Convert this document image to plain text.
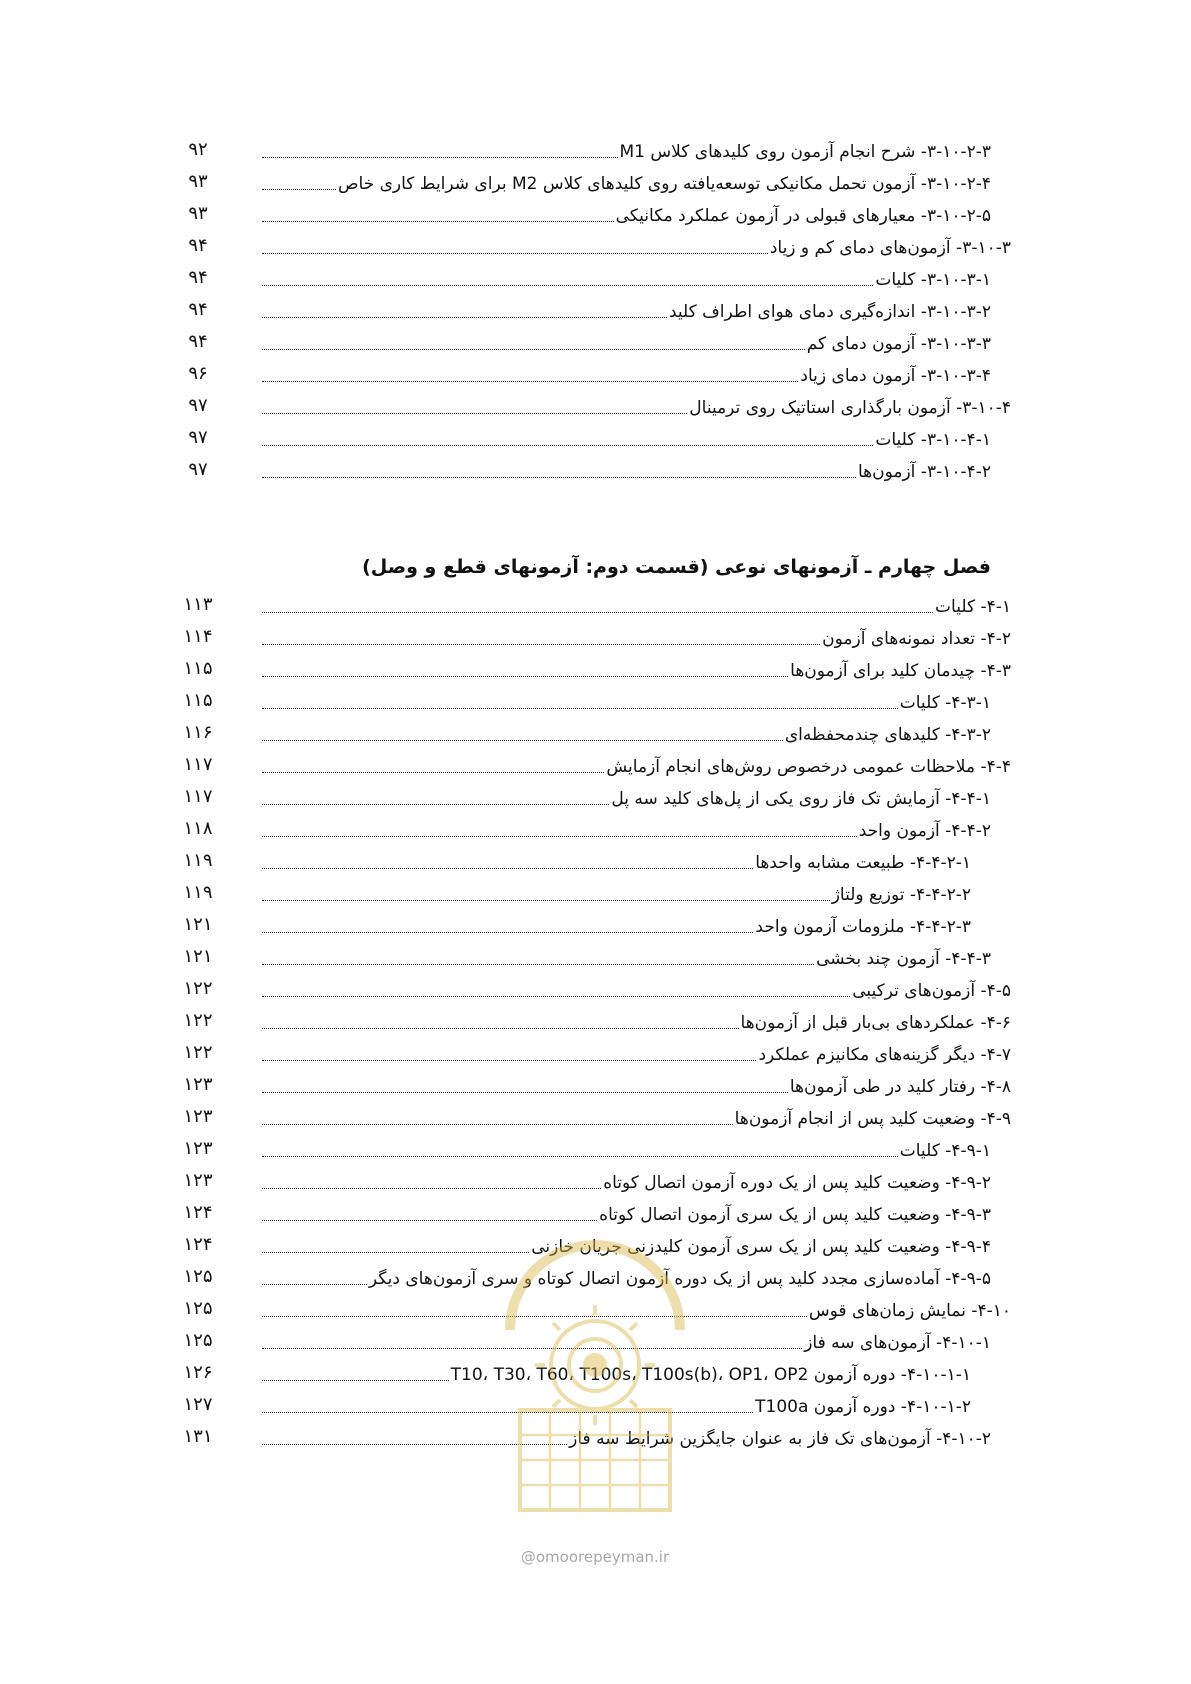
۳-۱۰-۲-۳- شرح انجام آزمون روی کلیدهای کلاس M1
۹۲
۳-۱۰-۲-۴- آزمون تحمل مکانیکی توسعه‌یافته روی کلیدهای کلاس M2 برای شرایط کاری خاص
۹۳
۳-۱۰-۲-۵- معیارهای قبولی در آزمون عملکرد مکانیکی
۹۳
۳-۱۰-۳- آزمون‌های دمای کم و زیاد
۹۴
۳-۱۰-۳-۱- کلیات
۹۴
۳-۱۰-۳-۲- اندازه‌گیری دمای هوای اطراف کلید
۹۴
۳-۱۰-۳-۳- آزمون دمای کم
۹۴
۳-۱۰-۳-۴- آزمون دمای زیاد
۹۶
۳-۱۰-۴- آزمون بارگذاری استاتیک روی ترمینال
۹۷
۳-۱۰-۴-۱- کلیات
۹۷
۳-۱۰-۴-۲- آزمون‌ها
۹۷
فصل چهارم ـ آزمونهای نوعی (قسمت دوم: آزمونهای قطع و وصل)
۴-۱- کلیات
۱۱۳
۴-۲- تعداد نمونه‌های آزمون
۱۱۴
۴-۳- چیدمان کلید برای آزمون‌ها
۱۱۵
۴-۳-۱- کلیات
۱۱۵
۴-۳-۲- کلیدهای چندمحفظه‌ای
۱۱۶
۴-۴- ملاحظات عمومی درخصوص روش‌های انجام آزمایش
۱۱۷
۴-۴-۱- آزمایش تک فاز روی یکی از پل‌های کلید سه پل
۱۱۷
۴-۴-۲- آزمون واحد
۱۱۸
۴-۴-۲-۱- طبیعت مشابه واحدها
۱۱۹
۴-۴-۲-۲- توزیع ولتاژ
۱۱۹
۴-۴-۲-۳- ملزومات آزمون واحد
۱۲۱
۴-۴-۳- آزمون چند بخشی
۱۲۱
۴-۵- آزمون‌های ترکیبی
۱۲۲
۴-۶- عملکردهای بی‌بار قبل از آزمون‌ها
۱۲۲
۴-۷- دیگر گزینه‌های مکانیزم عملکرد
۱۲۲
۴-۸- رفتار کلید در طی آزمون‌ها
۱۲۳
۴-۹- وضعیت کلید پس از انجام آزمون‌ها
۱۲۳
۴-۹-۱- کلیات
۱۲۳
۴-۹-۲- وضعیت کلید پس از یک دوره آزمون اتصال کوتاه
۱۲۳
۴-۹-۳- وضعیت کلید پس از یک سری آزمون اتصال کوتاه
۱۲۴
۴-۹-۴- وضعیت کلید پس از یک سری آزمون کلیدزنی جریان خازنی
۱۲۴
۴-۹-۵- آماده‌سازی مجدد کلید پس از یک دوره آزمون اتصال کوتاه و سری آزمون‌های دیگر
۱۲۵
۴-۱۰- نمایش زمان‌های قوس
۱۲۵
۴-۱۰-۱- آزمون‌های سه فاز
۱۲۵
۴-۱۰-۱-۱- دوره آزمون T10، T30، T60، T100s، T100s(b)، OP1، OP2
۱۲۶
۴-۱۰-۱-۲- دوره آزمون T100a
۱۲۷
۴-۱۰-۲- آزمون‌های تک فاز به عنوان جایگزین شرایط سه فاز
۱۳۱
@omoorepeyman.ir
